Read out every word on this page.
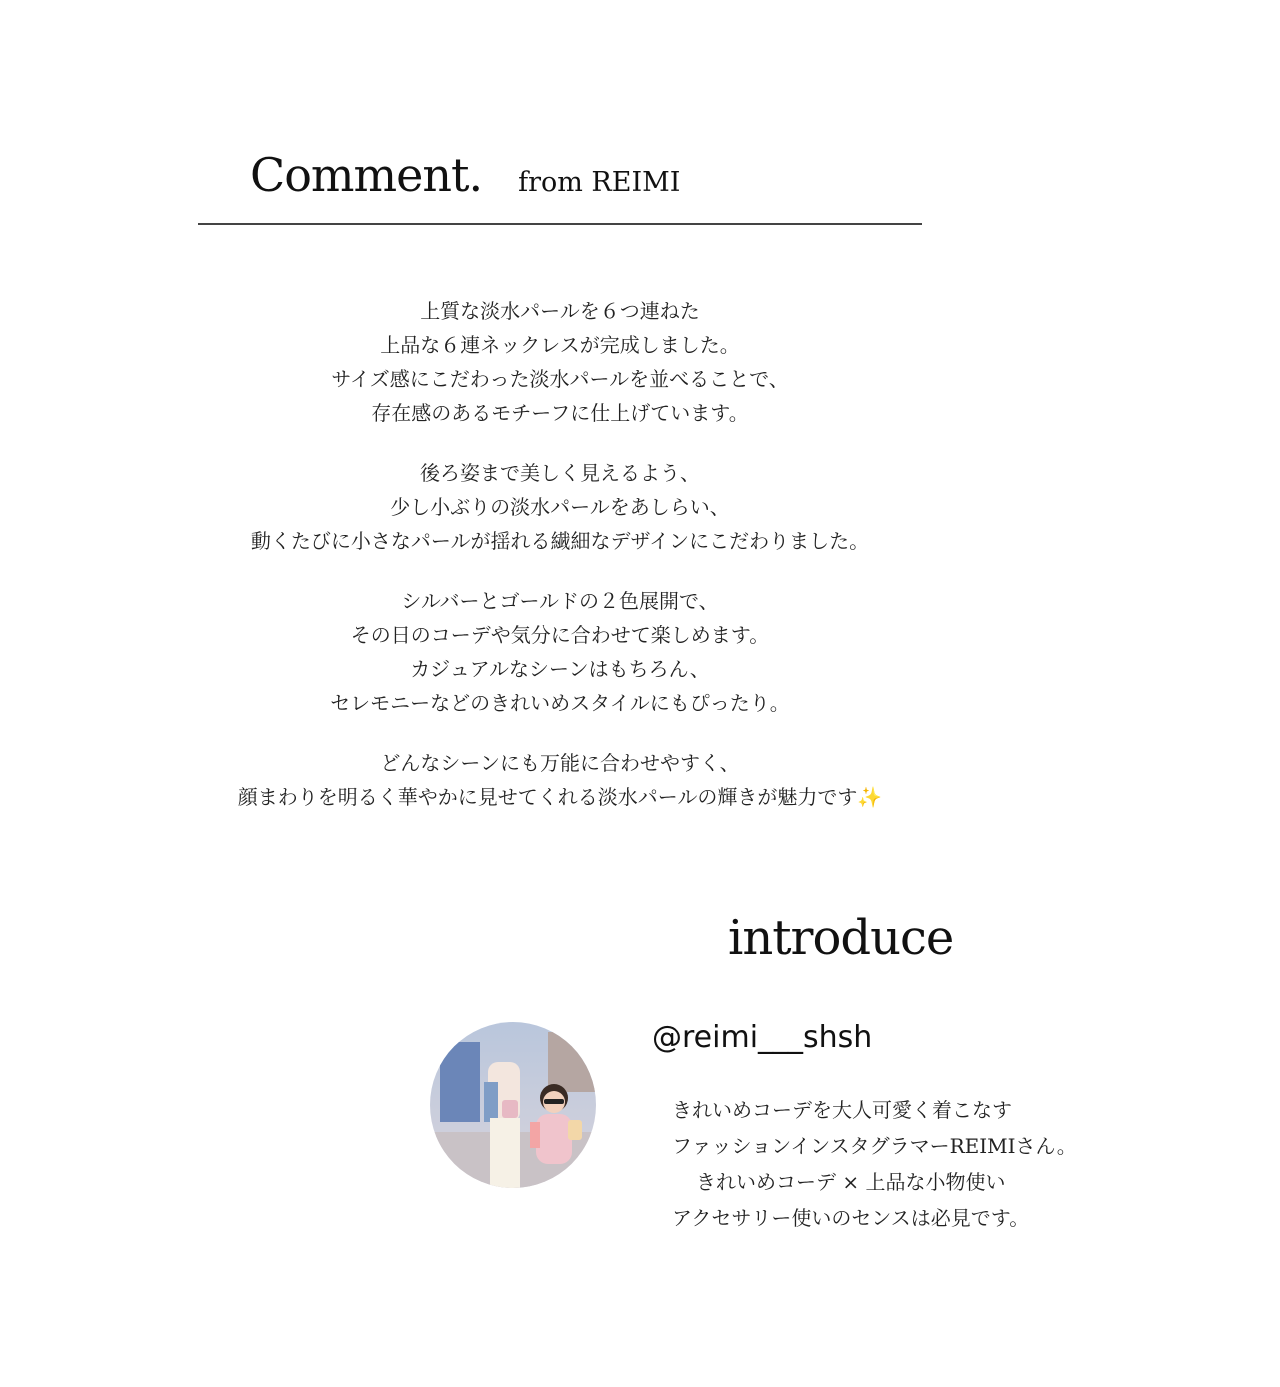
Comment. from REIMI

上質な淡水パールを６つ連ねた
上品な６連ネックレスが完成しました。
サイズ感にこだわった淡水パールを並べることで、
存在感のあるモチーフに仕上げています。

後ろ姿まで美しく見えるよう、
少し小ぶりの淡水パールをあしらい、
動くたびに小さなパールが揺れる繊細なデザインにこだわりました。

シルバーとゴールドの２色展開で、
その日のコーデや気分に合わせて楽しめます。
カジュアルなシーンはもちろん、
セレモニーなどのきれいめスタイルにもぴったり。

どんなシーンにも万能に合わせやすく、
顔まわりを明るく華やかに見せてくれる淡水パールの輝きが魅力です✨

introduce
@reimi___shsh
きれいめコーデを大人可愛く着こなす
ファッションインスタグラマーREIMIさん。
きれいめコーデ × 上品な小物使い
アクセサリー使いのセンスは必見です。
